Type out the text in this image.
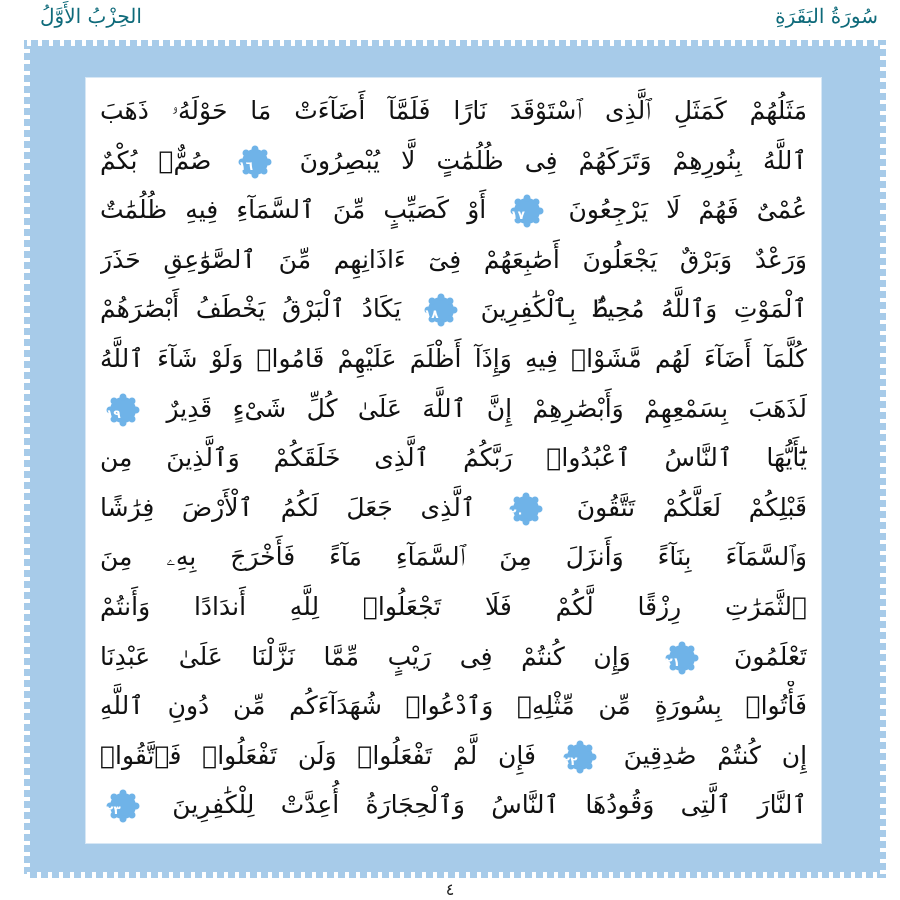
سُورَةُ البَقَرَةِ
الحِزْبُ الأَوَّلُ
مَثَلُهُمْ كَمَثَلِ ٱلَّذِى ٱسْتَوْقَدَ نَارًا فَلَمَّآ أَضَآءَتْ مَا حَوْلَهُۥ ذَهَبَ
ٱللَّهُ بِنُورِهِمْ وَتَرَكَهُمْ فِى ظُلُمَٰتٍ لَّا يُبْصِرُونَ
١٦ صُمٌّۢ بُكْمٌ
عُمْىٌ فَهُمْ لَا يَرْجِعُونَ
١٧ أَوْ كَصَيِّبٍ مِّنَ ٱلسَّمَآءِ فِيهِ ظُلُمَٰتٌ
وَرَعْدٌ وَبَرْقٌ يَجْعَلُونَ أَصَٰبِعَهُمْ فِىٓ ءَاذَانِهِم مِّنَ ٱلصَّوَٰعِقِ حَذَرَ
ٱلْمَوْتِ وَٱللَّهُ مُحِيطٌۢ بِٱلْكَٰفِرِينَ
١٨ يَكَادُ ٱلْبَرْقُ يَخْطَفُ أَبْصَٰرَهُمْ
كُلَّمَآ أَضَآءَ لَهُم مَّشَوْا۟ فِيهِ وَإِذَآ أَظْلَمَ عَلَيْهِمْ قَامُوا۟ وَلَوْ شَآءَ ٱللَّهُ
لَذَهَبَ بِسَمْعِهِمْ وَأَبْصَٰرِهِمْ إِنَّ ٱللَّهَ عَلَىٰ كُلِّ شَىْءٍ قَدِيرٌ
١٩
يَٰٓأَيُّهَا ٱلنَّاسُ ٱعْبُدُوا۟ رَبَّكُمُ ٱلَّذِى خَلَقَكُمْ وَٱلَّذِينَ مِن
قَبْلِكُمْ لَعَلَّكُمْ تَتَّقُونَ
٢٠ ٱلَّذِى جَعَلَ لَكُمُ ٱلْأَرْضَ فِرَٰشًا
وَٱلسَّمَآءَ بِنَآءً وَأَنزَلَ مِنَ ٱلسَّمَآءِ مَآءً فَأَخْرَجَ بِهِۦ مِنَ
ٱلثَّمَرَٰتِ رِزْقًا لَّكُمْ فَلَا تَجْعَلُوا۟ لِلَّهِ أَندَادًا وَأَنتُمْ
تَعْلَمُونَ
٢١ وَإِن كُنتُمْ فِى رَيْبٍ مِّمَّا نَزَّلْنَا عَلَىٰ عَبْدِنَا
فَأْتُوا۟ بِسُورَةٍ مِّن مِّثْلِهِۦ وَٱدْعُوا۟ شُهَدَآءَكُم مِّن دُونِ ٱللَّهِ
إِن كُنتُمْ صَٰدِقِينَ
٢٢ فَإِن لَّمْ تَفْعَلُوا۟ وَلَن تَفْعَلُوا۟ فَٱتَّقُوا۟
ٱلنَّارَ ٱلَّتِى وَقُودُهَا ٱلنَّاسُ وَٱلْحِجَارَةُ أُعِدَّتْ لِلْكَٰفِرِينَ
٢٣
٤
